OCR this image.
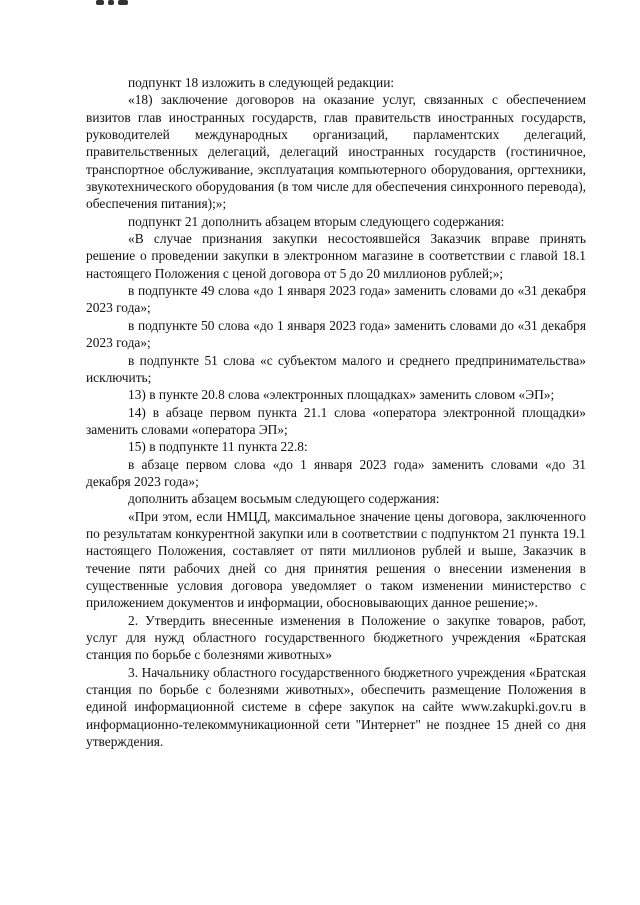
подпункт 18 изложить в следующей редакции:

«18) заключение договоров на оказание услуг, связанных с обеспечением визитов глав иностранных государств, глав правительств иностранных государств, руководителей международных организаций, парламентских делегаций, правительственных делегаций, делегаций иностранных государств (гостиничное, транспортное обслуживание, эксплуатация компьютерного оборудования, оргтехники, звукотехнического оборудования (в том числе для обеспечения синхронного перевода), обеспечения питания);»;

подпункт 21 дополнить абзацем вторым следующего содержания:

«В случае признания закупки несостоявшейся Заказчик вправе принять решение о проведении закупки в электронном магазине в соответствии с главой 18.1 настоящего Положения с ценой договора от 5 до 20 миллионов рублей;»;

в подпункте 49 слова «до 1 января 2023 года» заменить словами до «31 декабря 2023 года»;

в подпункте 50 слова «до 1 января 2023 года» заменить словами до «31 декабря 2023 года»;

в подпункте 51 слова «с субъектом малого и среднего предпринимательства» исключить;

13) в пункте 20.8 слова «электронных площадках» заменить словом «ЭП»;

14) в абзаце первом пункта 21.1 слова «оператора электронной площадки» заменить словами «оператора ЭП»;

15) в подпункте 11 пункта 22.8:

в абзаце первом слова «до 1 января 2023 года» заменить словами «до 31 декабря 2023 года»;

дополнить абзацем восьмым следующего содержания:

«При этом, если НМЦД, максимальное значение цены договора, заключенного по результатам конкурентной закупки или в соответствии с подпунктом 21 пункта 19.1 настоящего Положения, составляет от пяти миллионов рублей и выше, Заказчик в течение пяти рабочих дней со дня принятия решения о внесении изменения в существенные условия договора уведомляет о таком изменении министерство с приложением документов и информации, обосновывающих данное решение;».

2. Утвердить внесенные изменения в Положение о закупке товаров, работ, услуг для нужд областного государственного бюджетного учреждения «Братская станция по борьбе с болезнями животных»

3. Начальнику областного государственного бюджетного учреждения «Братская станция по борьбе с болезнями животных», обеспечить размещение Положения в единой информационной системе в сфере закупок на сайте www.zakupki.gov.ru в информационно-телекоммуникационной сети "Интернет" не позднее 15 дней со дня утверждения.
